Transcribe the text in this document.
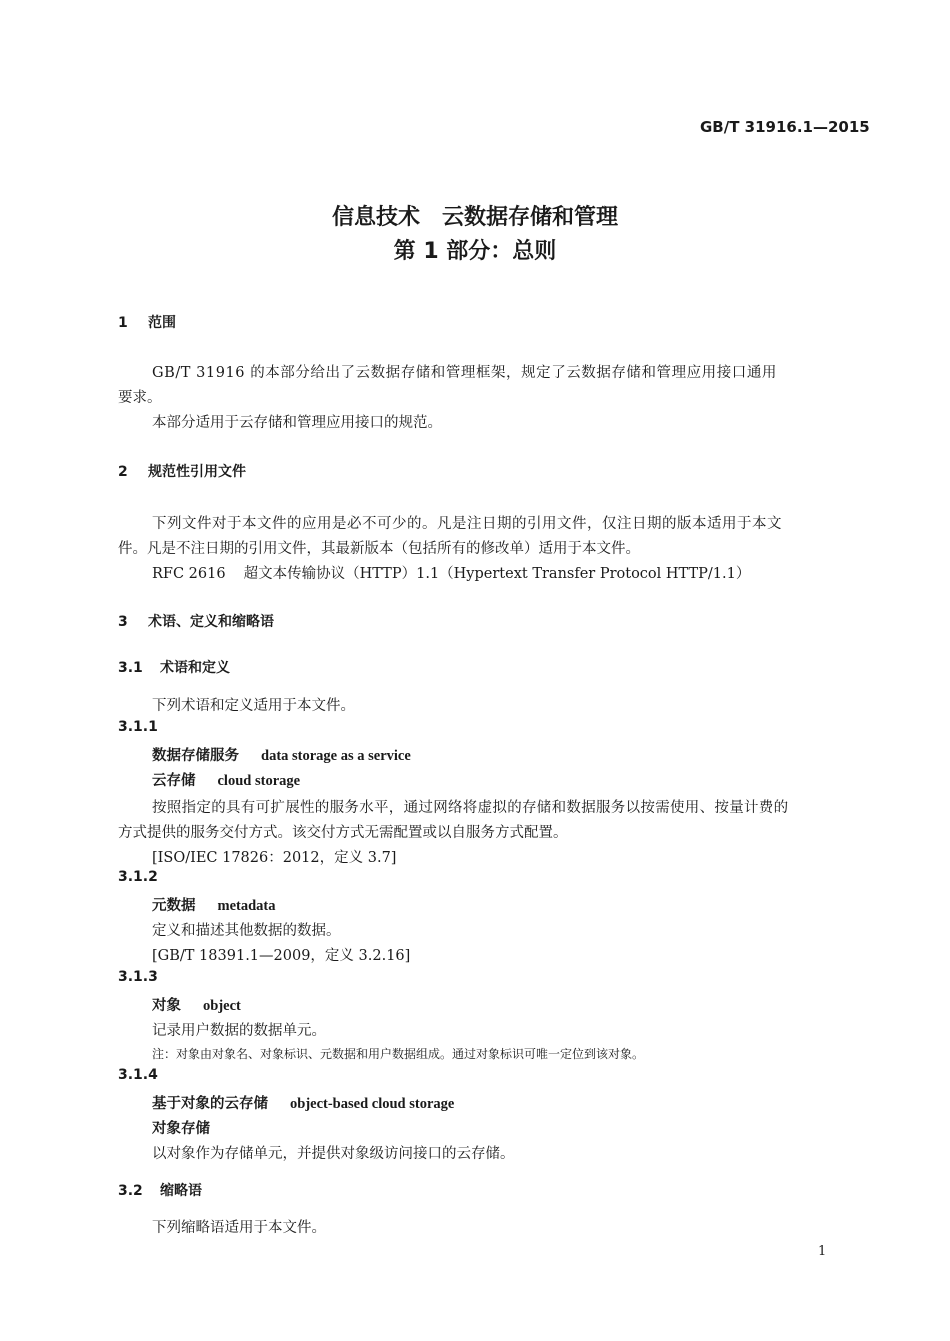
GB/T 31916.1—2015
信息技术　云数据存储和管理
第 1 部分：总则
1 范围
GB/T 31916 的本部分给出了云数据存储和管理框架，规定了云数据存储和管理应用接口通用
要求。
本部分适用于云存储和管理应用接口的规范。
2 规范性引用文件
下列文件对于本文件的应用是必不可少的。凡是注日期的引用文件，仅注日期的版本适用于本文
件。凡是不注日期的引用文件，其最新版本（包括所有的修改单）适用于本文件。
RFC 2616 超文本传输协议（HTTP）1.1（Hypertext Transfer Protocol HTTP/1.1）
3 术语、定义和缩略语
3.1 术语和定义
下列术语和定义适用于本文件。
3.1.1
数据存储服务 data storage as a service
云存储 cloud storage
按照指定的具有可扩展性的服务水平，通过网络将虚拟的存储和数据服务以按需使用、按量计费的
方式提供的服务交付方式。该交付方式无需配置或以自服务方式配置。
[ISO/IEC 17826：2012，定义 3.7]
3.1.2
元数据 metadata
定义和描述其他数据的数据。
[GB/T 18391.1—2009，定义 3.2.16]
3.1.3
对象 object
记录用户数据的数据单元。
注：对象由对象名、对象标识、元数据和用户数据组成。通过对象标识可唯一定位到该对象。
3.1.4
基于对象的云存储 object-based cloud storage
对象存储
以对象作为存储单元，并提供对象级访问接口的云存储。
3.2 缩略语
下列缩略语适用于本文件。
1
